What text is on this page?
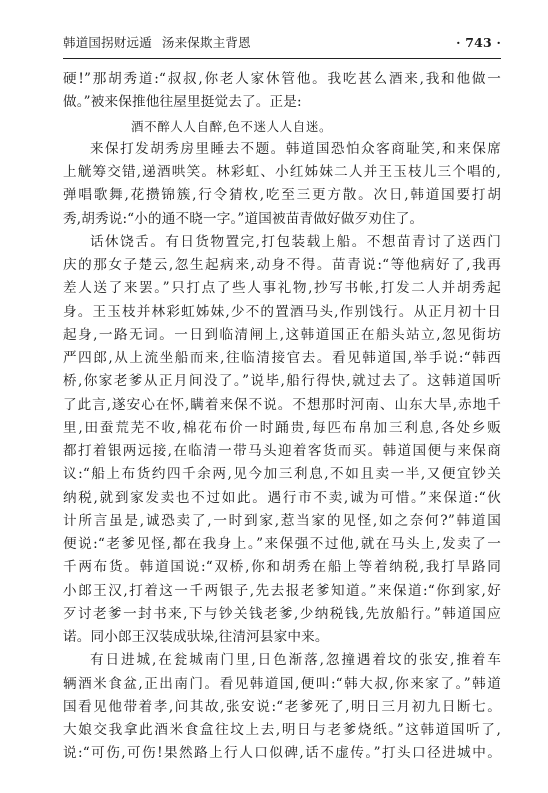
韩道国拐财远遁 汤来保欺主背恩	· 743 ·
硬!”那胡秀道:“叔叔,你老人家休管他。我吃甚么酒来,我和他做一
做。”被来保推他往屋里挺觉去了。正是:
酒不醉人人自醉,色不迷人人自迷。
来保打发胡秀房里睡去不题。韩道国恐怕众客商耻笑,和来保席
上觥筹交错,递酒哄笑。林彩虹、小红姊妹二人并王玉枝儿三个唱的,
弹唱歌舞,花攒锦簇,行令猜枚,吃至三更方散。次日,韩道国要打胡
秀,胡秀说:“小的通不晓一字。”道国被苗青做好做歹劝住了。
话休饶舌。有日货物置完,打包装载上船。不想苗青讨了送西门
庆的那女子楚云,忽生起病来,动身不得。苗青说:“等他病好了,我再
差人送了来罢。”只打点了些人事礼物,抄写书帐,打发二人并胡秀起
身。王玉枝并林彩虹姊妹,少不的置酒马头,作别饯行。从正月初十日
起身,一路无词。一日到临清闸上,这韩道国正在船头站立,忽见街坊
严四郎,从上流坐船而来,往临清接官去。看见韩道国,举手说:“韩西
桥,你家老爹从正月间没了。”说毕,船行得快,就过去了。这韩道国听
了此言,遂安心在怀,瞒着来保不说。不想那时河南、山东大旱,赤地千
里,田蚕荒芜不收,棉花布价一时踊贵,每匹布帛加三利息,各处乡贩
都打着银两远接,在临清一带马头迎着客货而买。韩道国便与来保商
议:“船上布货约四千余两,见今加三利息,不如且卖一半,又便宜钞关
纳税,就到家发卖也不过如此。遇行市不卖,诚为可惜。”来保道:“伙
计所言虽是,诚恐卖了,一时到家,惹当家的见怪,如之奈何?”韩道国
便说:“老爹见怪,都在我身上。”来保强不过他,就在马头上,发卖了一
千两布货。韩道国说:“双桥,你和胡秀在船上等着纳税,我打旱路同
小郎王汉,打着这一千两银子,先去报老爹知道。”来保道:“你到家,好
歹讨老爹一封书来,下与钞关钱老爹,少纳税钱,先放船行。”韩道国应
诺。同小郎王汉装成驮垛,往清河县家中来。
有日进城,在瓮城南门里,日色渐落,忽撞遇着坟的张安,推着车
辆酒米食盆,正出南门。看见韩道国,便叫:“韩大叔,你来家了。”韩道
国看见他带着孝,问其故,张安说:“老爹死了,明日三月初九日断七。
大娘交我拿此酒米食盒往坟上去,明日与老爹烧纸。”这韩道国听了,
说:“可伤,可伤!果然路上行人口似碑,话不虚传。”打头口径进城中。
